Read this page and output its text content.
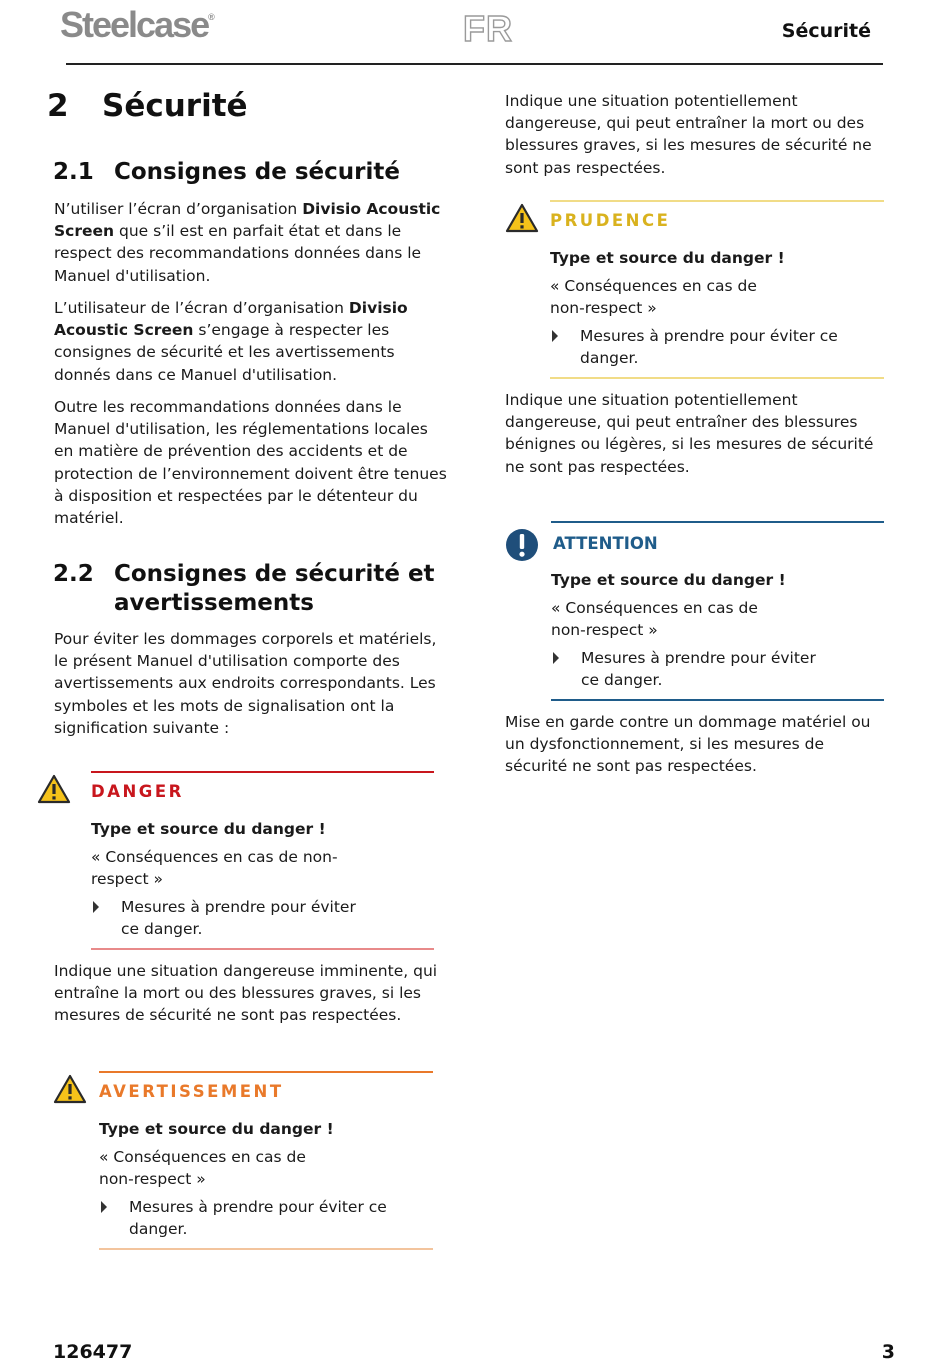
Steelcase®	FR	Sécurité
2 Sécurité
2.1 Consignes de sécurité
N’utiliser l’écran d’organisation Divisio Acoustic Screen que s’il est en parfait état et dans le respect des recommandations données dans le Manuel d'utilisation.
L’utilisateur de l’écran d’organisation Divisio Acoustic Screen s’engage à respecter les consignes de sécurité et les avertissements donnés dans ce Manuel d'utilisation.
Outre les recommandations données dans le Manuel d'utilisation, les réglementations locales en matière de prévention des accidents et de protection de l’environnement doivent être tenues à disposition et respectées par le détenteur du matériel.
2.2 Consignes de sécurité et avertissements
Pour éviter les dommages corporels et matériels, le présent Manuel d'utilisation comporte des avertissements aux endroits correspondants. Les symboles et les mots de signalisation ont la signification suivante :
DANGER
Type et source du danger !
« Conséquences en cas de non-respect »
Mesures à prendre pour éviter ce danger.
Indique une situation dangereuse imminente, qui entraîne la mort ou des blessures graves, si les mesures de sécurité ne sont pas respectées.
AVERTISSEMENT
Type et source du danger !
« Conséquences en cas de non-respect »
Mesures à prendre pour éviter ce danger.
Indique une situation potentiellement dangereuse, qui peut entraîner la mort ou des blessures graves, si les mesures de sécurité ne sont pas respectées.
PRUDENCE
Type et source du danger !
« Conséquences en cas de non-respect »
Mesures à prendre pour éviter ce danger.
Indique une situation potentiellement dangereuse, qui peut entraîner des blessures bénignes ou légères, si les mesures de sécurité ne sont pas respectées.
ATTENTION
Type et source du danger !
« Conséquences en cas de non-respect »
Mesures à prendre pour éviter ce danger.
Mise en garde contre un dommage matériel ou un dysfonctionnement, si les mesures de sécurité ne sont pas respectées.
126477	3
